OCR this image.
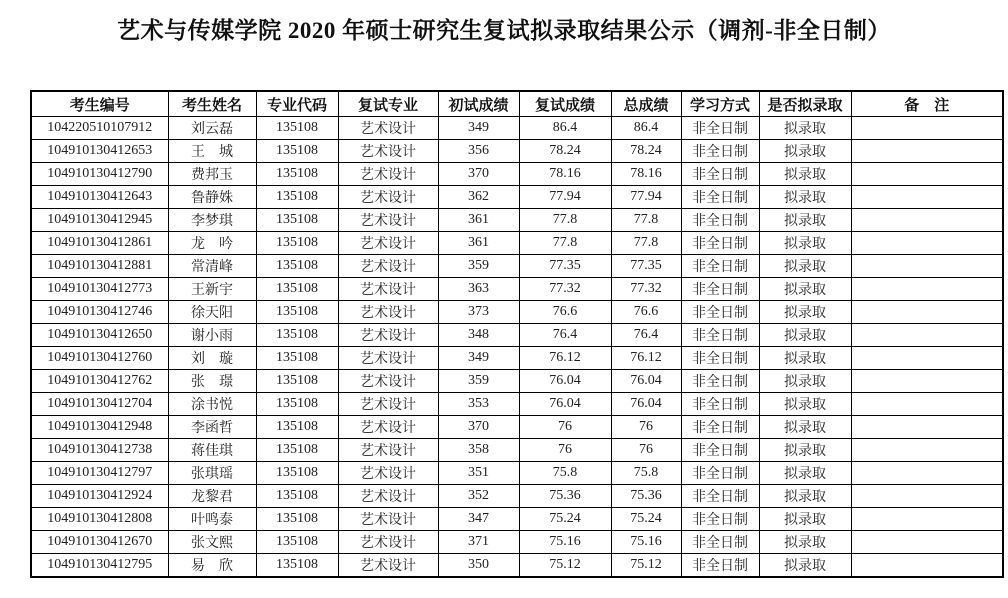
艺术与传媒学院 2020 年硕士研究生复试拟录取结果公示（调剂-非全日制）
考生编号	考生姓名	专业代码	复试专业	初试成绩	复试成绩	总成绩	学习方式	是否拟录取	备　注
104220510107912	刘云磊	135108	艺术设计	349	86.4	86.4	非全日制	拟录取	
104910130412653	王　城	135108	艺术设计	356	78.24	78.24	非全日制	拟录取	
104910130412790	费邦玉	135108	艺术设计	370	78.16	78.16	非全日制	拟录取	
104910130412643	鲁静姝	135108	艺术设计	362	77.94	77.94	非全日制	拟录取	
104910130412945	李梦琪	135108	艺术设计	361	77.8	77.8	非全日制	拟录取	
104910130412861	龙　吟	135108	艺术设计	361	77.8	77.8	非全日制	拟录取	
104910130412881	常清峰	135108	艺术设计	359	77.35	77.35	非全日制	拟录取	
104910130412773	王新宇	135108	艺术设计	363	77.32	77.32	非全日制	拟录取	
104910130412746	徐天阳	135108	艺术设计	373	76.6	76.6	非全日制	拟录取	
104910130412650	谢小雨	135108	艺术设计	348	76.4	76.4	非全日制	拟录取	
104910130412760	刘　璇	135108	艺术设计	349	76.12	76.12	非全日制	拟录取	
104910130412762	张　璟	135108	艺术设计	359	76.04	76.04	非全日制	拟录取	
104910130412704	涂书悦	135108	艺术设计	353	76.04	76.04	非全日制	拟录取	
104910130412948	李函哲	135108	艺术设计	370	76	76	非全日制	拟录取	
104910130412738	蒋佳琪	135108	艺术设计	358	76	76	非全日制	拟录取	
104910130412797	张琪瑶	135108	艺术设计	351	75.8	75.8	非全日制	拟录取	
104910130412924	龙黎君	135108	艺术设计	352	75.36	75.36	非全日制	拟录取	
104910130412808	叶鸣泰	135108	艺术设计	347	75.24	75.24	非全日制	拟录取	
104910130412670	张文熙	135108	艺术设计	371	75.16	75.16	非全日制	拟录取	
104910130412795	易　欣	135108	艺术设计	350	75.12	75.12	非全日制	拟录取	
